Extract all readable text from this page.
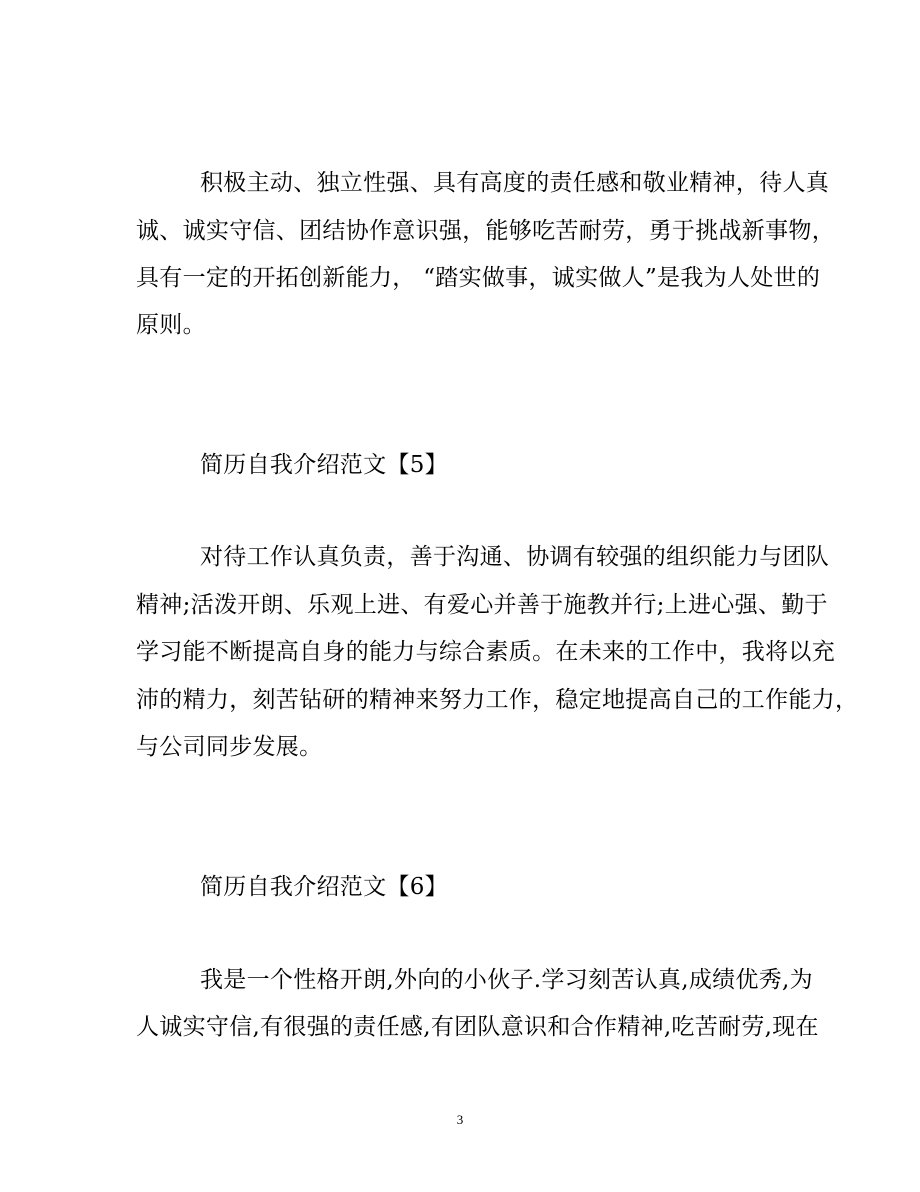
积极主动、独立性强、具有高度的责任感和敬业精神，待人真

诚、诚实守信、团结协作意识强，能够吃苦耐劳，勇于挑战新事物，

具有一定的开拓创新能力， “踏实做事，诚实做人”是我为人处世的

原则。

简历自我介绍范文【5】

对待工作认真负责，善于沟通、协调有较强的组织能力与团队

精神;活泼开朗、乐观上进、有爱心并善于施教并行;上进心强、勤于

学习能不断提高自身的能力与综合素质。在未来的工作中，我将以充

沛的精力，刻苦钻研的精神来努力工作，稳定地提高自己的工作能力，

与公司同步发展。

简历自我介绍范文【6】

我是一个性格开朗,外向的小伙子.学习刻苦认真,成绩优秀,为

人诚实守信,有很强的责任感,有团队意识和合作精神,吃苦耐劳,现在

3
